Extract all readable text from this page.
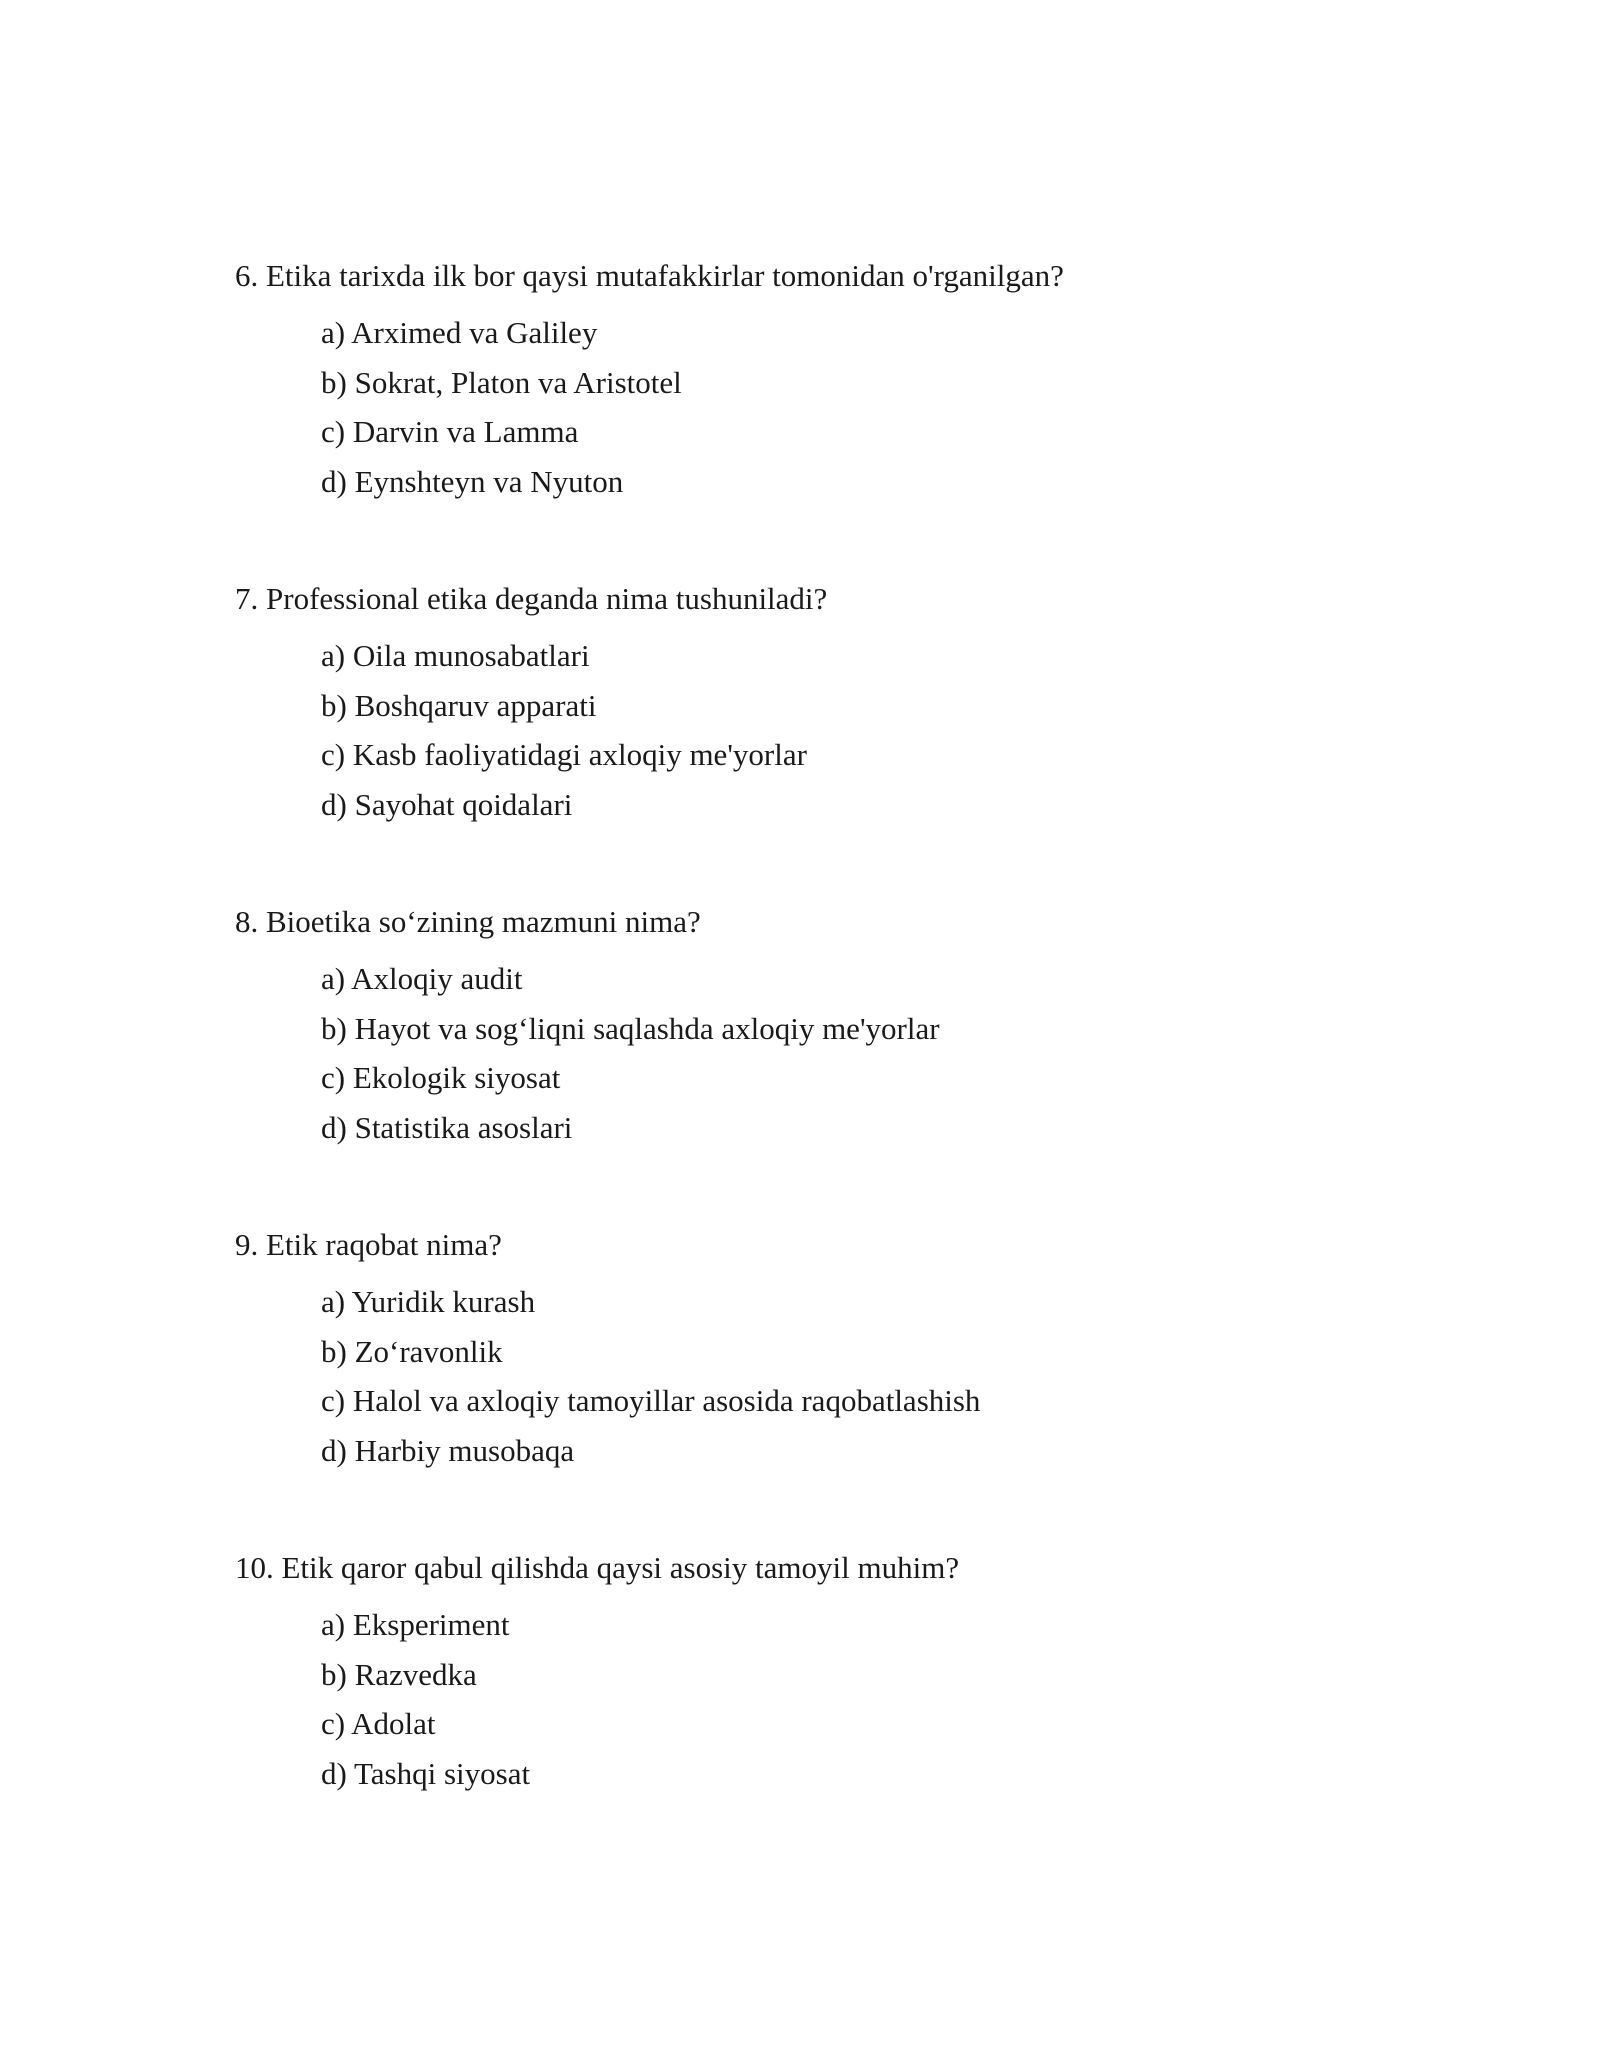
6. Etika tarixda ilk bor qaysi mutafakkirlar tomonidan o'rganilgan?

a) Arximed va Galiley
b) Sokrat, Platon va Aristotel
c) Darvin va Lamma
d) Eynshteyn va Nyuton

7. Professional etika deganda nima tushuniladi?

a) Oila munosabatlari
b) Boshqaruv apparati
c) Kasb faoliyatidagi axloqiy me'yorlar
d) Sayohat qoidalari

8. Bioetika so‘zining mazmuni nima?

a) Axloqiy audit
b) Hayot va sog‘liqni saqlashda axloqiy me'yorlar
c) Ekologik siyosat
d) Statistika asoslari

9. Etik raqobat nima?

a) Yuridik kurash
b) Zo‘ravonlik
c) Halol va axloqiy tamoyillar asosida raqobatlashish
d) Harbiy musobaqa

10. Etik qaror qabul qilishda qaysi asosiy tamoyil muhim?

a) Eksperiment
b) Razvedka
c) Adolat
d) Tashqi siyosat
